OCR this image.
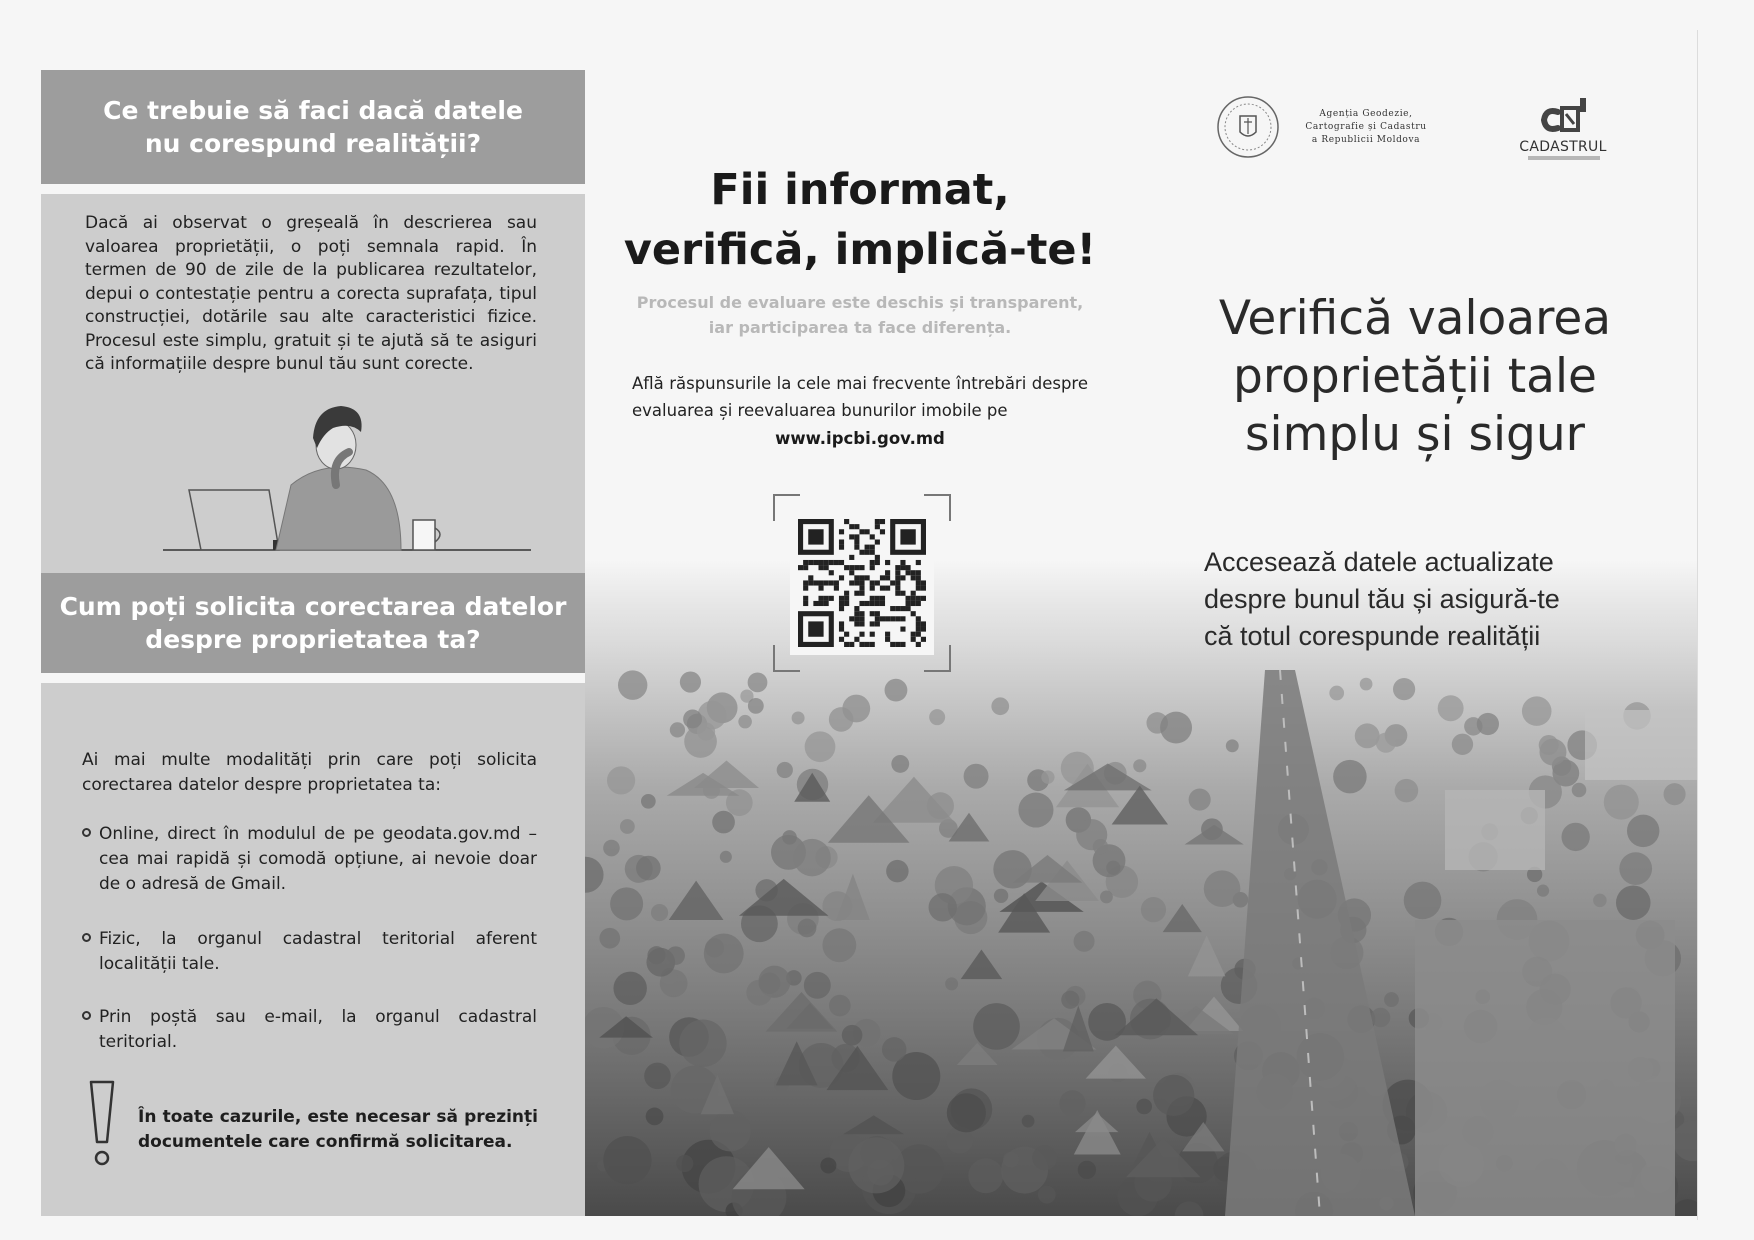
Ce trebuie să faci dacă datele
nu corespund realității?
Cum poți solicita corectarea datelor
despre proprietatea ta?

Dacă ai observat o greșeală în descrierea sau valoarea proprietății, o poți semnala rapid. În termen de 90 de zile de la publicarea rezultatelor, depui o contestație pentru a corecta suprafața, tipul construcției, dotările sau alte caracteristici fizice. Procesul este simplu, gratuit și te ajută să te asiguri că informațiile despre bunul tău sunt corecte.

Ai mai multe modalități prin care poți solicita corectarea datelor despre proprietatea ta:

Online, direct în modulul de pe geodata.gov.md – cea mai rapidă și comodă opțiune, ai nevoie doar de o adresă de Gmail.
Fizic, la organul cadastral teritorial aferent localității tale.
Prin poștă sau e-mail, la organul cadastral teritorial.

În toate cazurile, este necesar să prezinți documentele care confirmă solicitarea.

Fii informat,
verifică, implică-te!
Procesul de evaluare este deschis și transparent,
iar participarea ta face diferența.

Află răspunsurile la cele mai frecvente întrebări despre evaluarea și reevaluarea bunurilor imobile pe

www.ipcbi.gov.md
Agenția Geodezie,
Cartografie și Cadastru
a Republicii Moldova	CADASTRUL
Verifică valoarea
proprietății tale
simplu și sigur
Accesează datele actualizate
despre bunul tău și asigură-te
că totul corespunde realității
